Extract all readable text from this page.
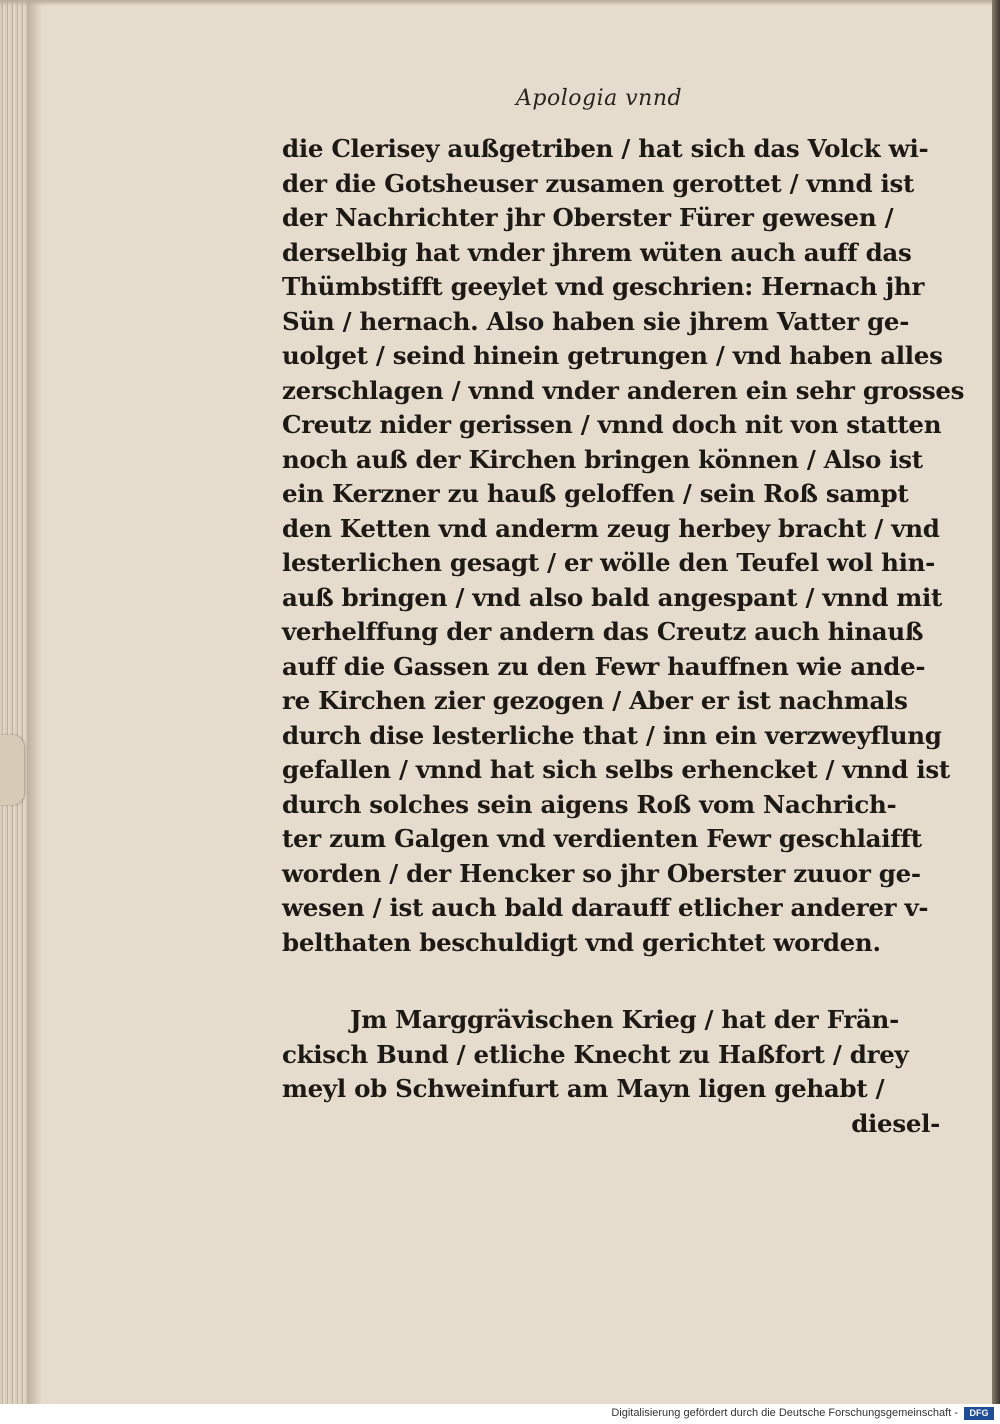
Apologia vnnd
die Clerisey außgetriben / hat sich das Volck wi-
der die Gotsheuser zusamen gerottet / vnnd ist
der Nachrichter jhr Oberster Fürer gewesen /
derselbig hat vnder jhrem wüten auch auff das
Thümbstifft geeylet vnd geschrien: Hernach jhr
Sün / hernach. Also haben sie jhrem Vatter ge-
uolget / seind hinein getrungen / vnd haben alles
zerschlagen / vnnd vnder anderen ein sehr grosses
Creutz nider gerissen / vnnd doch nit von statten
noch auß der Kirchen bringen können / Also ist
ein Kerzner zu hauß geloffen / sein Roß sampt
den Ketten vnd anderm zeug herbey bracht / vnd
lesterlichen gesagt / er wölle den Teufel wol hin-
auß bringen / vnd also bald angespant / vnnd mit
verhelffung der andern das Creutz auch hinauß
auff die Gassen zu den Fewr hauffnen wie ande-
re Kirchen zier gezogen / Aber er ist nachmals
durch dise lesterliche that / inn ein verzweyflung
gefallen / vnnd hat sich selbs erhencket / vnnd ist
durch solches sein aigens Roß vom Nachrich-
ter zum Galgen vnd verdienten Fewr geschlaifft
worden / der Hencker so jhr Oberster zuuor ge-
wesen / ist auch bald darauff etlicher anderer v-
belthaten beschuldigt vnd gerichtet worden.
Jm Marggrävischen Krieg / hat der Frän-
ckisch Bund / etliche Knecht zu Haßfort / drey
meyl ob Schweinfurt am Mayn ligen gehabt /
diesel-
Digitalisierung gefördert durch die Deutsche Forschungsgemeinschaft -	DFG
